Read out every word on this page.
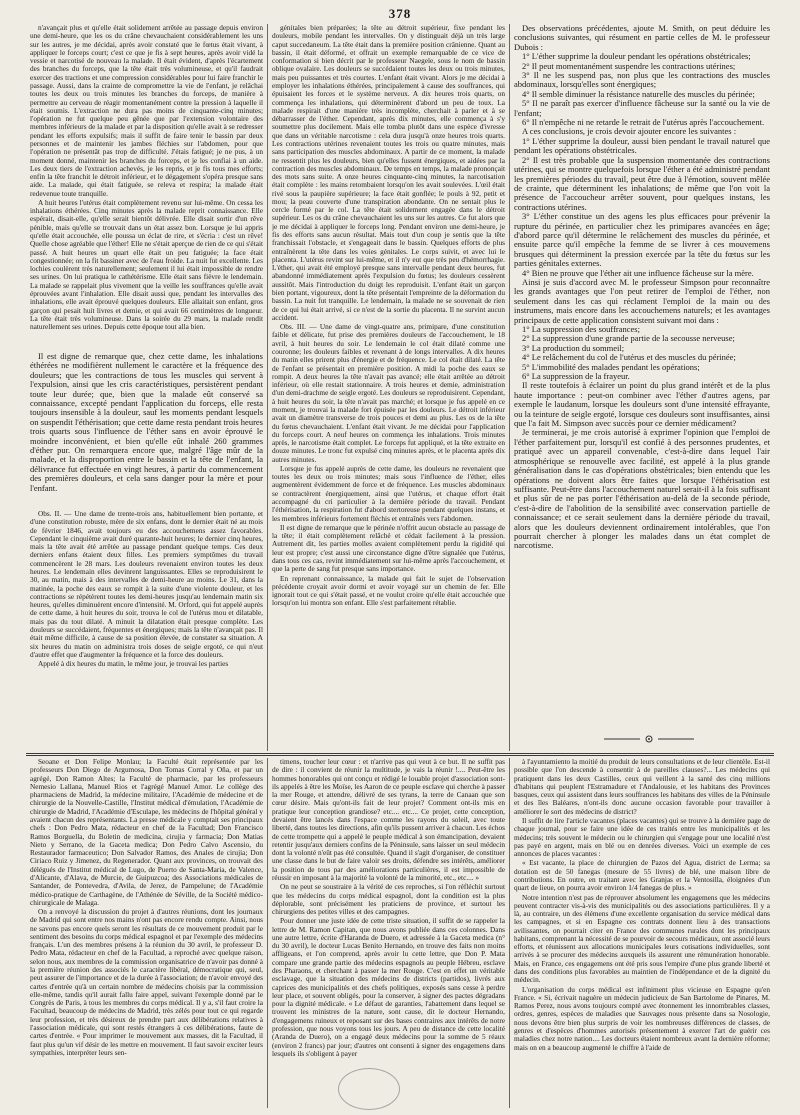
378

n'avançait plus et qu'elle était solidement arrêtée au passage depuis environ une demi-heure, que les os du crâne chevauchaient considérablement les uns sur les autres, je me décidai, après avoir constaté que le fœtus était vivant, à appliquer le forceps court; c'est ce que je fis à sept heures, après avoir vidé la vessie et narcotisé de nouveau la malade. Il était évident, d'après l'écartement des branches du forceps, que la tête était très volumineuse, et qu'il faudrait exercer des tractions et une compression considérables pour lui faire franchir le passage. Aussi, dans la crainte de compromettre la vie de l'enfant, je relâchai toutes les deux ou trois minutes les branches du forceps, de manière à permettre au cerveau de réagir momentanément contre la pression à laquelle il était soumis. L'extraction ne dura pas moins de cinquante-cinq minutes; l'opération ne fut quelque peu gênée que par l'extension volontaire des membres inférieurs de la malade et par la disposition qu'elle avait à se redresser pendant les efforts expulsifs; mais il suffit de faire tenir le bassin par deux personnes et de maintenir les jambes fléchies sur l'abdomen, pour que l'opération ne présentât pas trop de difficulté. J'étais fatigué; je ne pus, à un moment donné, maintenir les branches du forceps, et je les confiai à un aide. Les deux tiers de l'extraction achevés, je les repris, et je fis tous mes efforts; enfin la tête franchit le détroit inférieur, et le dégagement s'opéra presque sans aide. La malade, qui était fatiguée, se releva et respira; la malade était redevenue toute tranquille.

A huit heures l'utérus était complètement revenu sur lui-même. On cessa les inhalations éthérées. Cinq minutes après la malade reprit connaissance. Elle espérait, disait-elle, qu'elle serait bientôt délivrée. Elle disait sortir d'un rêve pénible, mais qu'elle se trouvait dans un état assez bon. Lorsque je lui appris qu'elle était accouchée, elle poussa un éclat de rire, et s'écria : c'est un rêve! Quelle chose agréable que l'éther! Elle ne s'était aperçue de rien de ce qui s'était passé. A huit heures un quart elle était un peu fatiguée; la face était congestionnée; on la fit bassiner avec de l'eau froide. La nuit fut excellente. Les lochies coulèrent très naturellement; seulement il lui était impossible de rendre ses urines. On lui pratiqua le cathétérisme. Elle était sans fièvre le lendemain. La malade se rappelait plus vivement que la veille les souffrances qu'elle avait éprouvées avant l'inhalation. Elle disait aussi que, pendant les intervalles des inhalations, elle avait éprouvé quelques douleurs. Elle allaitait son enfant, gros garçon qui pesait huit livres et demie, et qui avait 66 centimètres de longueur. La tête était très volumineuse. Dans la soirée du 29 mars, la malade rendit naturellement ses urines. Depuis cette époque tout alla bien.

Il est digne de remarque que, chez cette dame, les inhalations éthérées ne modifièrent nullement le caractère et la fréquence des douleurs; que les contractions de tous les muscles qui servent à l'expulsion, ainsi que les cris caractéristiques, persistèrent pendant toute leur durée; que, bien que la malade eût conservé sa connaissance, excepté pendant l'application du forceps, elle resta toujours insensible à la douleur, sauf les moments pendant lesquels on suspendit l'éthérisation; que cette dame resta pendant trois heures trois quarts sous l'influence de l'éther sans en avoir éprouvé le moindre inconvénient, et bien qu'elle eût inhalé 260 grammes d'éther pur. On remarquera encore que, malgré l'âge mûr de la malade, et la disproportion entre le bassin et la tête de l'enfant, la délivrance fut effectuée en vingt heures, à partir du commencement des premières douleurs, et cela sans danger pour la mère et pour l'enfant.

Obs. II. — Une dame de trente-trois ans, habituellement bien portante, et d'une constitution robuste, mère de six enfans, dont le dernier était né au mois de février 1846, avait toujours eu des accouchemens assez favorables. Cependant le cinquième avait duré quarante-huit heures; le dernier cinq heures, mais la tête avait été arrêtée au passage pendant quelque temps. Ces deux derniers enfans étaient deux filles. Les premiers symptômes du travail commencèrent le 28 mars. Les douleurs revenaient environ toutes les deux heures. Le lendemain elles devinrent languissantes. Elles se reproduisirent le 30, au matin, mais à des intervalles de demi-heure au moins. Le 31, dans la matinée, la poche des eaux se rompit à la suite d'une violente douleur, et les contractions se répétèrent toutes les demi-heures jusqu'au lendemain matin six heures, qu'elles diminuèrent encore d'intensité. M. Orford, qui fut appelé auprès de cette dame, à huit heures du soir, trouva le col de l'utérus mou et dilatable, mais pas du tout dilaté. A minuit la dilatation était presque complète. Les douleurs se succédaient, fréquentes et énergiques; mais la tête n'avançait pas. Il était même difficile, à cause de sa position élevée, de constater sa situation. A six heures du matin on administra trois doses de seigle ergoté, ce qui n'eut d'autre effet que d'augmenter la fréquence et la force des douleurs.

Appelé à dix heures du matin, le même jour, je trouvai les parties

génitales bien préparées; la tête au détroit supérieur, fixe pendant les douleurs, mobile pendant les intervalles. On y distinguait déjà un très large caput succedaneum. La tête était dans la première position crânienne. Quant au bassin, il était déformé, et offrait un exemple remarquable de ce vice de conformation si bien décrit par le professeur Naegele, sous le nom de bassin oblique ovalaire. Les douleurs se succédaient toutes les deux ou trois minutes, mais peu puissantes et très courtes. L'enfant était vivant. Alors je me décidai à employer les inhalations éthérées, principalement à cause des souffrances, qui épuisaient les forces et le système nerveux. A dix heures trois quarts, on commença les inhalations, qui déterminèrent d'abord un peu de toux. La malade respirait d'une manière très incomplète, cherchait à parler et à se débarrasser de l'éther. Cependant, après dix minutes, elle commença à s'y soumettre plus docilement. Mais elle tomba plutôt dans une espèce d'ivresse que dans un véritable narcotisme : cela dura jusqu'à onze heures trois quarts. Les contractions utérines revenaient toutes les trois ou quatre minutes, mais sans participation des muscles abdominaux. A partir de ce moment, la malade ne ressentit plus les douleurs, bien qu'elles fussent énergiques, et aidées par la contraction des muscles abdominaux. De temps en temps, la malade prononçait des mots sans suite. A onze heures cinquante-cinq minutes, la narcotisation était complète : les mains retombaient lorsqu'on les avait soulevées. L'œil était rivé sous la paupière supérieure; la face était gonflée; le pouls à 92, petit et mou; la peau couverte d'une transpiration abondante. On ne sentait plus le cercle formé par le col. La tête était solidement engagée dans le détroit supérieur. Les os du crâne chevauchaient les uns sur les autres. Ce fut alors que je me décidai à appliquer le forceps long. Pendant environ une demi-heure, je fis des efforts sans aucun résultat. Mais tout d'un coup je sentis que la tête franchissait l'obstacle, et s'engageait dans le bassin. Quelques efforts de plus entraînèrent la tête dans les voies génitales. Le corps suivit, et avec lui le placenta. L'utérus revint sur lui-même, et il n'y eut que très peu d'hémorrhagie. L'éther, qui avait été employé presque sans intervalle pendant deux heures, fut abandonné immédiatement après l'expulsion du fœtus; les douleurs cessèrent aussitôt. Mais l'introduction du doigt les reproduisit. L'enfant était un garçon bien portant, vigoureux, dont la tête présentait l'empreinte de la déformation du bassin. La nuit fut tranquille. Le lendemain, la malade ne se souvenait de rien de ce qui lui était arrivé, si ce n'est de la sortie du placenta. Il ne survint aucun accident.

Obs. III. — Une dame de vingt-quatre ans, primipare, d'une constitution faible et délicate, fut prise des premières douleurs de l'accouchement, le 18 avril, à huit heures du soir. Le lendemain le col était dilaté comme une couronne; les douleurs faibles et revenant à de longs intervalles. A dix heures du matin elles prirent plus d'énergie et de fréquence. Le col était dilaté. La tête de l'enfant se présentait en première position. A midi la poche des eaux se rompit. A deux heures la tête n'avait pas avancé; elle était arrêtée au détroit inférieur, où elle restait stationnaire. A trois heures et demie, administration d'un demi-drachme de seigle ergoté. Les douleurs se reproduisirent. Cependant, à huit heures du soir, la tête n'avait pas marché; et lorsque je fus appelé en ce moment, je trouvai la malade fort épuisée par les douleurs. Le détroit inférieur avait un diamètre transverse de trois pouces et demi au plus. Les os de la tête du fœtus chevauchaient. L'enfant était vivant. Je me décidai pour l'application du forceps court. A neuf heures on commença les inhalations. Trois minutes après, le narcotisme était complet. Le forceps fut appliqué, et la tête extraite en douze minutes. Le tronc fut expulsé cinq minutes après, et le placenta après dix autres minutes.

Lorsque je fus appelé auprès de cette dame, les douleurs ne revenaient que toutes les deux ou trois minutes; mais sous l'influence de l'éther, elles augmentèrent évidemment de force et de fréquence. Les muscles abdominaux se contractèrent énergiquement, ainsi que l'utérus, et chaque effort était accompagné du cri particulier à la dernière période du travail. Pendant l'éthérisation, la respiration fut d'abord stertoreuse pendant quelques instans, et les membres inférieurs fortement fléchis et entraînés vers l'abdomen.

Il est digne de remarque que le périnée n'offrit aucun obstacle au passage de la tête; il était complètement relâché et cédait facilement à la pression. Autrement dit, les parties molles avaient complètement perdu la rigidité qui leur est propre; c'est aussi une circonstance digne d'être signalée que l'utérus, dans tous ces cas, revint immédiatement sur lui-même après l'accouchement, et que la perte de sang fut presque sans importance.

En reprenant connaissance, la malade qui fait le sujet de l'observation précédente croyait avoir dormi et avoir voyagé sur un chemin de fer. Elle ignorait tout ce qui s'était passé, et ne voulut croire qu'elle était accouchée que lorsqu'on lui montra son enfant. Elle s'est parfaitement rétablie.

Des observations précédentes, ajoute M. Smith, on peut déduire les conclusions suivantes, qui résument en partie celles de M. le professeur Dubois :

1° L'éther supprime la douleur pendant les opérations obstétricales;

2° Il peut momentanément suspendre les contractions utérines;

3° Il ne les suspend pas, non plus que les contractions des muscles abdominaux, lorsqu'elles sont énergiques;

4° Il semble diminuer la résistance naturelle des muscles du périnée;

5° Il ne paraît pas exercer d'influence fâcheuse sur la santé ou la vie de l'enfant;

6° Il n'empêche ni ne retarde le retrait de l'utérus après l'accouchement.

A ces conclusions, je crois devoir ajouter encore les suivantes :

1° L'éther supprime la douleur, aussi bien pendant le travail naturel que pendant les opérations obstétricales.

2° Il est très probable que la suspension momentanée des contractions utérines, qui se montre quelquefois lorsque l'éther a été administré pendant les premières périodes du travail, peut être due à l'émotion, souvent mêlée de crainte, que déterminent les inhalations; de même que l'on voit la présence de l'accoucheur arrêter souvent, pour quelques instans, les contractions utérines.

3° L'éther constitue un des agens les plus efficaces pour prévenir la rupture du périnée, en particulier chez les primipares avancées en âge; d'abord parce qu'il détermine le relâchement des muscles du périnée, et ensuite parce qu'il empêche la femme de se livrer à ces mouvemens brusques qui déterminent la pression exercée par la tête du fœtus sur les parties génitales externes.

4° Bien ne prouve que l'éther ait une influence fâcheuse sur la mère.

Ainsi je suis d'accord avec M. le professeur Simpson pour reconnaître les grands avantages que l'on peut retirer de l'emploi de l'éther, non seulement dans les cas qui réclament l'emploi de la main ou des instrumens, mais encore dans les accouchemens naturels; et les avantages principaux de cette application consistent suivant moi dans :

1° La suppression des souffrances;

2° La suppression d'une grande partie de la secousse nerveuse;

3° La production du sommeil;

4° Le relâchement du col de l'utérus et des muscles du périnée;

5° L'immobilité des malades pendant les opérations;

6° La suppression de la frayeur.

Il reste toutefois à éclairer un point du plus grand intérêt et de la plus haute importance : peut-on combiner avec l'éther d'autres agens, par exemple le laudanum, lorsque les douleurs sont d'une intensité effrayante, ou la teinture de seigle ergoté, lorsque ces douleurs sont insuffisantes, ainsi que l'a fait M. Simpson avec succès pour ce dernier médicament?

Je terminerai, je me crois autorisé à exprimer l'opinion que l'emploi de l'éther parfaitement pur, lorsqu'il est confié à des personnes prudentes, et pratiqué avec un appareil convenable, c'est-à-dire dans lequel l'air atmosphérique se renouvelle avec facilité, est appelé à la plus grande généralisation dans le cas d'opérations obstétricales; bien entendu que les opérations ne doivent alors être faites que lorsque l'éthérisation est suffisante. Peut-être dans l'accouchement naturel serait-il à la fois suffisant et plus sûr de ne pas porter l'éthérisation au-delà de la seconde période, c'est-à-dire de l'abolition de la sensibilité avec conservation partielle de connaissance; et ce serait seulement dans la dernière période du travail, alors que les douleurs deviennent ordinairement intolérables, que l'on pourrait chercher à plonger les malades dans un état complet de narcotisme.

Seoane et Don Felipe Monlau; la Faculté était représentée par les professeurs Don Diego de Argumosa, Don Tomas Corral y Oña, et par un agrégé, Don Ramon Altes; la Faculté de pharmacie, par les professeurs Nemesio Lallana, Manuel Rios et l'agrégé Manuel Amor. Le collège des pharmaciens de Madrid, la médecine militaire, l'Académie de médecine et de chirurgie de la Nouvelle-Castille, l'Institut médical d'émulation, l'Académie de chirurgie de Madrid, l'Académie d'Esculape, les médecins de l'hôpital général y avaient chacun des représentants. La presse médicale y comptait ses principaux chefs : Don Pedro Mata, rédacteur en chef de la Facultad; Don Francisco Ramos Borguella, du Boletin de medicina, cirujia y farmacia; Don Matias Nieto y Serrano, de la Gaceta medica; Don Pedro Calvo Ascensio, du Restaurador farmaceutico; Don Salvador Ramos, des Anales de cirujia; Don Ciriaco Ruiz y Jimenez, du Regenerador. Quant aux provinces, on trouvait des délégués de l'Institut médical de Lugo, de Puerto de Santa-Maria, de Valence, d'Alicante, d'Alava, de Murcie, de Guipuzcoa; des Associations médicales de Santander, de Pontevedra, d'Avila, de Jerez, de Pampelune; de l'Académie médico-pratique de Carthagène, de l'Athénée de Séville, de la Société médico-chirurgicale de Malaga.

On a renvoyé la discussion du projet à d'autres réunions, dont les journaux de Madrid qui sont entre nos mains n'ont pas encore rendu compte. Ainsi, nous ne savons pas encore quels seront les résultats de ce mouvement produit par le sentiment des besoins du corps médical espagnol et par l'exemple des médecins français. L'un des membres présens à la réunion du 30 avril, le professeur D. Pedro Mata, rédacteur en chef de la Facultad, a reproché avec quelque raison, selon nous, aux membres de la commission organisatrice de n'avoir pas donné à la première réunion des associés le caractère libéral, démocratique qui, seul, peut assurer de l'importance et de la durée à l'association; de n'avoir envoyé des cartes d'entrée qu'à un certain nombre de médecins choisis par la commission elle-même, tandis qu'il aurait fallu faire appel, suivant l'exemple donné par le Congrès de Paris, à tous les membres du corps médical. Il y a, s'il faut croire la Facultad, beaucoup de médecins de Madrid, très zélés pour tout ce qui regarde leur profession, et très désireux de prendre part aux délibérations relatives à l'association médicale, qui sont restés étrangers à ces délibérations, faute de cartes d'entrée. « Pour imprimer le mouvement aux masses, dit la Facultad, il faut plus qu'un vif désir de les mettre en mouvement. Il faut savoir exciter leurs sympathies, interpréter leurs sen-

timens, toucher leur cœur : et n'arrive pas qui veut à ce but. Il ne suffit pas de dire : il convient de réunir la multitude, je vais la réunir !.... Peut-être les hommes honorables qui ont conçu et rédigé le louable projet d'association sont-ils appelés à être les Moïse, les Aaron de ce peuple esclave qui cherche à passer la mer Rouge, et attendre, délivré de ses tyrans, la terre de Canaan que son cœur désire. Mais qu'ont-ils fait de leur projet? Comment ont-ils mis en pratique leur conception grandiose? etc.... etc.... Ce projet, cette conception, devaient être lancés dans l'espace comme les rayons du soleil, avec toute liberté, dans toutes les directions, afin qu'ils pussent arriver à chacun. Les échos de cette trompette qui a appelé le peuple médical à son émancipation, devaient retentir jusqu'aux derniers confins de la Péninsule, sans laisser un seul médecin dont la volonté n'eût pas été consultée. Quand il s'agit d'organiser, de constituer une classe dans le but de faire valoir ses droits, défendre ses intérêts, améliorer la position de tous par des améliorations particulières, il est impossible de réussir en imposant à la majorité la volonté de la minorité, etc., etc.... »

On ne peut se soustraire à la vérité de ces reproches, si l'on réfléchit surtout que les médecins du corps médical espagnol, dont la condition est la plus déplorable, sont précisément les praticiens de province, et surtout les chirurgiens des petites villes et des campagnes.

Pour donner une juste idée de cette triste situation, il suffit de se rappeler la lettre de M. Ramon Capitan, que nous avons publiée dans ces colonnes. Dans une autre lettre, écrite d'Haranda de Duero, et adressée à la Gaceta medica (n° du 30 avril), le docteur Lucas Benito Hernando, en trouve des faits non moins affligeans, et l'on comprend, après avoir lu cette lettre, que Don P. Mata compare une grande partie des médecins espagnols au peuple Hébreu, esclave des Pharaons, et cherchant à passer la mer Rouge. C'est en effet un véritable esclavage, que la situation des médecins de districts (partidos), livrés aux caprices des municipalités et des chefs politiques, exposés sans cesse à perdre leur place, et souvent obligés, pour la conserver, à signer des pactes dégradans pour la dignité médicale. « Le défaut de garanties, l'abattement dans lequel se trouvent les ministres de la nature, sont cause, dit le docteur Hernando, d'engagemens ruineux et reposant sur des bases contraires aux intérêts de notre profession, que nous voyons tous les jours. A peu de distance de cette localité (Aranda de Duero), on a engagé deux médecins pour la somme de 5 réaux (environ 2 francs) par jour; d'autres ont consenti à signer des engagemens dans lesquels ils s'obligent à payer

à l'ayuntamiento la moitié du produit de leurs consultations et de leur clientèle. Est-il possible que l'on descende à consentir à de pareilles clauses?... Les médecins qui pratiquent dans les deux Castilles, ceux qui veillent à la santé des cinq millions d'habitans qui peuplent l'Estramadure et l'Andalousie, et les habitans des Provinces basques, ceux qui assistent dans leurs souffrances les habitans des villes de la Péninsule et des îles Baléares, n'ont-ils donc aucune occasion favorable pour travailler à améliorer le sort des médecins de district?

Il suffit de lire l'article vacantes (places vacantes) qui se trouve à la dernière page de chaque journal, pour se faire une idée de ces traités entre les municipalités et les médecins; très souvent le médecin ou le chirurgien qui s'engage pour une localité n'est pas payé en argent, mais en blé ou en denrées diverses. Voici un exemple de ces annonces de places vacantes :

« Est vacante, la place de chirurgien de Pazos del Agua, district de Lerma; sa dotation est de 50 fanegas (mesure de 55 livres) de blé, une maison libre de contributions. En outre, en traitant avec les Granjas et la Ventosilla, éloignées d'un quart de lieue, on pourra avoir environ 1/4 fanegas de plus. »

Notre intention n'est pas de réprouver absolument les engagemens que les médecins peuvent contracter vis-à-vis des municipalités ou des associations particulières. Il y a là, au contraire, un des élémens d'une excellente organisation du service médical dans les campagnes, et si en Espagne ces contrats donnent lieu à des transactions avilissantes, on pourrait citer en France des communes rurales dont les principaux habitans, comprenant la nécessité de se pourvoir de secours médicaux, ont associé leurs efforts, et réunissent aux allocations municipales leurs cotisations individuelles, sont arrivés à se procurer des médecins auxquels ils assurent une rémunération honorable. Mais, en France, ces engagemens ont été pris sous l'empire d'une plus grande liberté et dans des conditions plus favorables au maintien de l'indépendance et de la dignité du médecin.

L'organisation du corps médical est infiniment plus vicieuse en Espagne qu'en France. « Si, écrivait naguère un médecin judicieux de San Bartolome de Pinares, M. Ramos Perez, nous avons toujours compté avec étonnement les innombrables classes, ordres, genres, espèces de maladies que Sauvages nous présente dans sa Nosologie, nous devons être bien plus surpris de voir les nombreuses différences de classes, de genres et d'espèces d'hommes autorisés présentement à exercer l'art de guérir ces maladies chez notre nation.... Les docteurs étaient nombreux avant la dernière réforme; mais on en a beaucoup augmenté le chiffre à l'aide de
